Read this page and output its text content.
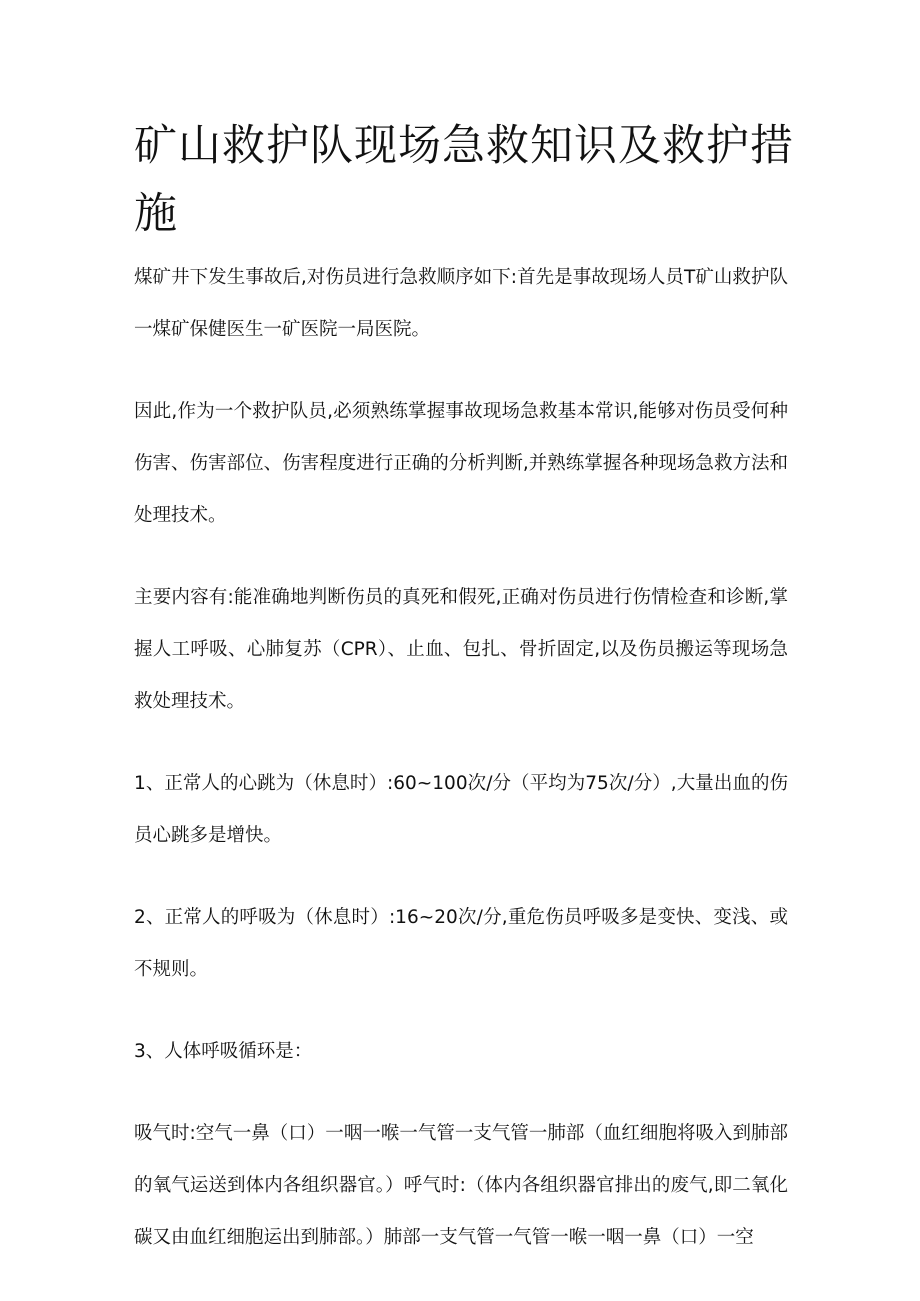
矿山救护队现场急救知识及救护措施

煤矿井下发生事故后,对伤员进行急救顺序如下:首先是事故现场人员T矿山救护队一煤矿保健医生一矿医院一局医院。

因此,作为一个救护队员,必须熟练掌握事故现场急救基本常识,能够对伤员受何种伤害、伤害部位、伤害程度进行正确的分析判断,并熟练掌握各种现场急救方法和处理技术。

主要内容有:能准确地判断伤员的真死和假死,正确对伤员进行伤情检查和诊断,掌握人工呼吸、心肺复苏（CPR）、止血、包扎、骨折固定,以及伤员搬运等现场急救处理技术。

1、正常人的心跳为（休息时）:60~100次/分（平均为75次/分）,大量出血的伤员心跳多是增快。

2、正常人的呼吸为（休息时）:16~20次/分,重危伤员呼吸多是变快、变浅、或不规则。

3、人体呼吸循环是：

吸气时:空气一鼻（口）一咽一喉一气管一支气管一肺部（血红细胞将吸入到肺部的氧气运送到体内各组织器官。）呼气时:（体内各组织器官排出的废气,即二氧化碳又由血红细胞运出到肺部。）肺部一支气管一气管一喉一咽一鼻（口）一空
